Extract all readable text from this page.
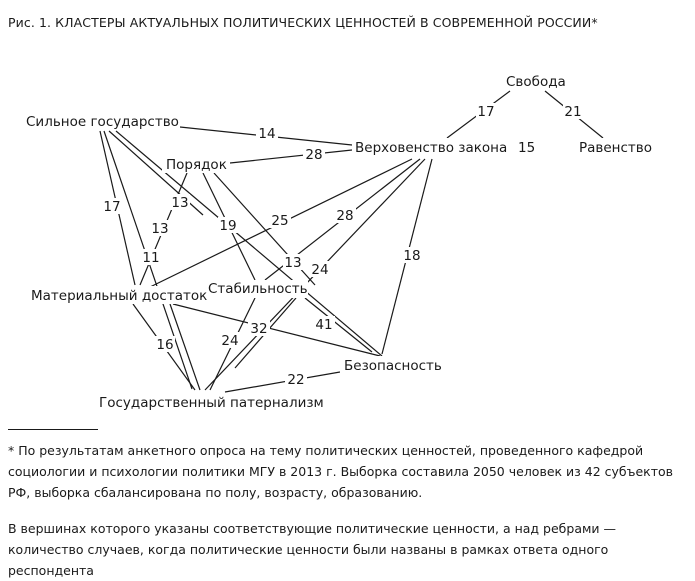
Рис. 1. КЛАСТЕРЫ АКТУАЛЬНЫХ ПОЛИТИЧЕСКИХ ЦЕННОСТЕЙ В СОВРЕМЕННОЙ РОССИИ*
17	21
14
28
13
13
17
11
19	25	28
13 24
18
41
32
16	24
22
Свобода
Равенство
Верховенство закона 15
Сильное государство
Порядок
Материальный достаток Стабильность
Безопасность
Государственный патернализм
* По результатам анкетного опроса на тему политических ценностей, проведенного кафедрой
социологии и психологии политики МГУ в 2013 г. Выборка составила 2050 человек из 42 субъектов
РФ, выборка сбалансирована по полу, возрасту, образованию.
В вершинах которого указаны соответствующие политические ценности, а над ребрами —
количество случаев, когда политические ценности были названы в рамках ответа одного
респондента
